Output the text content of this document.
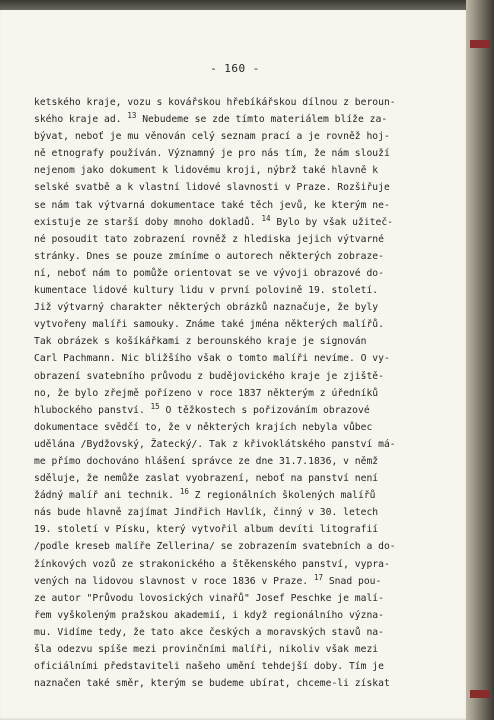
- 160 -
ketského kraje, vozu s kovářskou hřebíkářskou dílnou z beroun-
ského kraje ad. $^{13}$ Nebudeme se zde tímto materiálem blíže za-
bývat, neboť je mu věnován celý seznam prací a je rovněž hoj-
ně etnografy používán. Významný je pro nás tím, že nám slouží
nejenom jako dokument k lidovému kroji, nýbrž také hlavně k
selské svatbě a k vlastní lidové slavnosti v Praze. Rozšiřuje
se nám tak výtvarná dokumentace také těch jevů, ke kterým ne-
existuje ze starší doby mnoho dokladů. $^{14}$ Bylo by však užiteč-
né posoudit tato zobrazení rovněž z hlediska jejich výtvarné
stránky. Dnes se pouze zmíníme o autorech některých zobraze-
ní, neboť nám to pomůže orientovat se ve vývoji obrazové do-
kumentace lidové kultury lidu v první polovině 19. století.
Již výtvarný charakter některých obrázků naznačuje, že byly
vytvořeny malíři samouky. Známe také jména některých malířů.
Tak obrázek s košíkářkami z berounského kraje je signován
Carl Pachmann. Nic bližšího však o tomto malíři nevíme. O vy-
obrazení svatebního průvodu z budějovického kraje je zjiště-
no, že bylo zřejmě pořízeno v roce 1837 některým z úředníků
hlubockého panství. $^{15}$ O těžkostech s pořizováním obrazové
dokumentace svědčí to, že v některých krajích nebyla vůbec
udělána /Bydžovský, Žatecký/. Tak z křivoklátského panství má-
me přímo dochováno hlášení správce ze dne 31.7.1836, v němž
sděluje, že nemůže zaslat vyobrazení, neboť na panství není
žádný malíř ani technik. $^{16}$ Z regionálních školených malířů
nás bude hlavně zajímat Jindřich Havlík, činný v 30. letech
19. století v Písku, který vytvořil album devíti litografií
/podle kreseb malíře Zellerina/ se zobrazením svatebních a do-
žínkových vozů ze strakonického a štěkenského panství, vypra-
vených na lidovou slavnost v roce 1836 v Praze. $^{17}$ Snad pou-
ze autor "Průvodu lovosických vinařů" Josef Peschke je malí-
řem vyškoleným pražskou akademií, i když regionálního význa-
mu. Vidíme tedy, že tato akce českých a moravských stavů na-
šla odezvu spíše mezi provinčními malíři, nikoliv však mezi
oficiálními představiteli našeho umění tehdejší doby. Tím je
naznačen také směr, kterým se budeme ubírat, chceme-li získat
